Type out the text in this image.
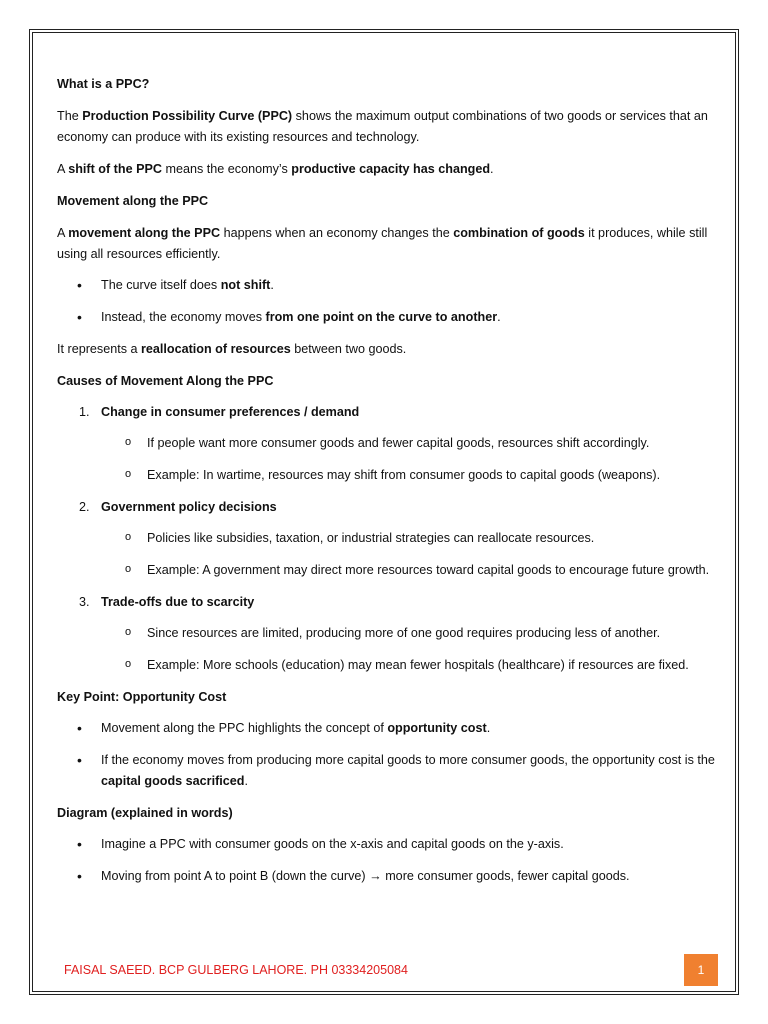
What is a PPC?

The Production Possibility Curve (PPC) shows the maximum output combinations of two goods or services that an economy can produce with its existing resources and technology.

A shift of the PPC means the economy’s productive capacity has changed.

Movement along the PPC

A movement along the PPC happens when an economy changes the combination of goods it produces, while still using all resources efficiently.

• The curve itself does not shift.
• Instead, the economy moves from one point on the curve to another.

It represents a reallocation of resources between two goods.

Causes of Movement Along the PPC

1. Change in consumer preferences / demand
o If people want more consumer goods and fewer capital goods, resources shift accordingly.
o Example: In wartime, resources may shift from consumer goods to capital goods (weapons).
2. Government policy decisions
o Policies like subsidies, taxation, or industrial strategies can reallocate resources.
o Example: A government may direct more resources toward capital goods to encourage future growth.
3. Trade-offs due to scarcity
o Since resources are limited, producing more of one good requires producing less of another.
o Example: More schools (education) may mean fewer hospitals (healthcare) if resources are fixed.

Key Point: Opportunity Cost

• Movement along the PPC highlights the concept of opportunity cost.
• If the economy moves from producing more capital goods to more consumer goods, the opportunity cost is the capital goods sacrificed.

Diagram (explained in words)

• Imagine a PPC with consumer goods on the x-axis and capital goods on the y-axis.
• Moving from point A to point B (down the curve) → more consumer goods, fewer capital goods.
FAISAL SAEED. BCP GULBERG LAHORE. PH 03334205084	1
